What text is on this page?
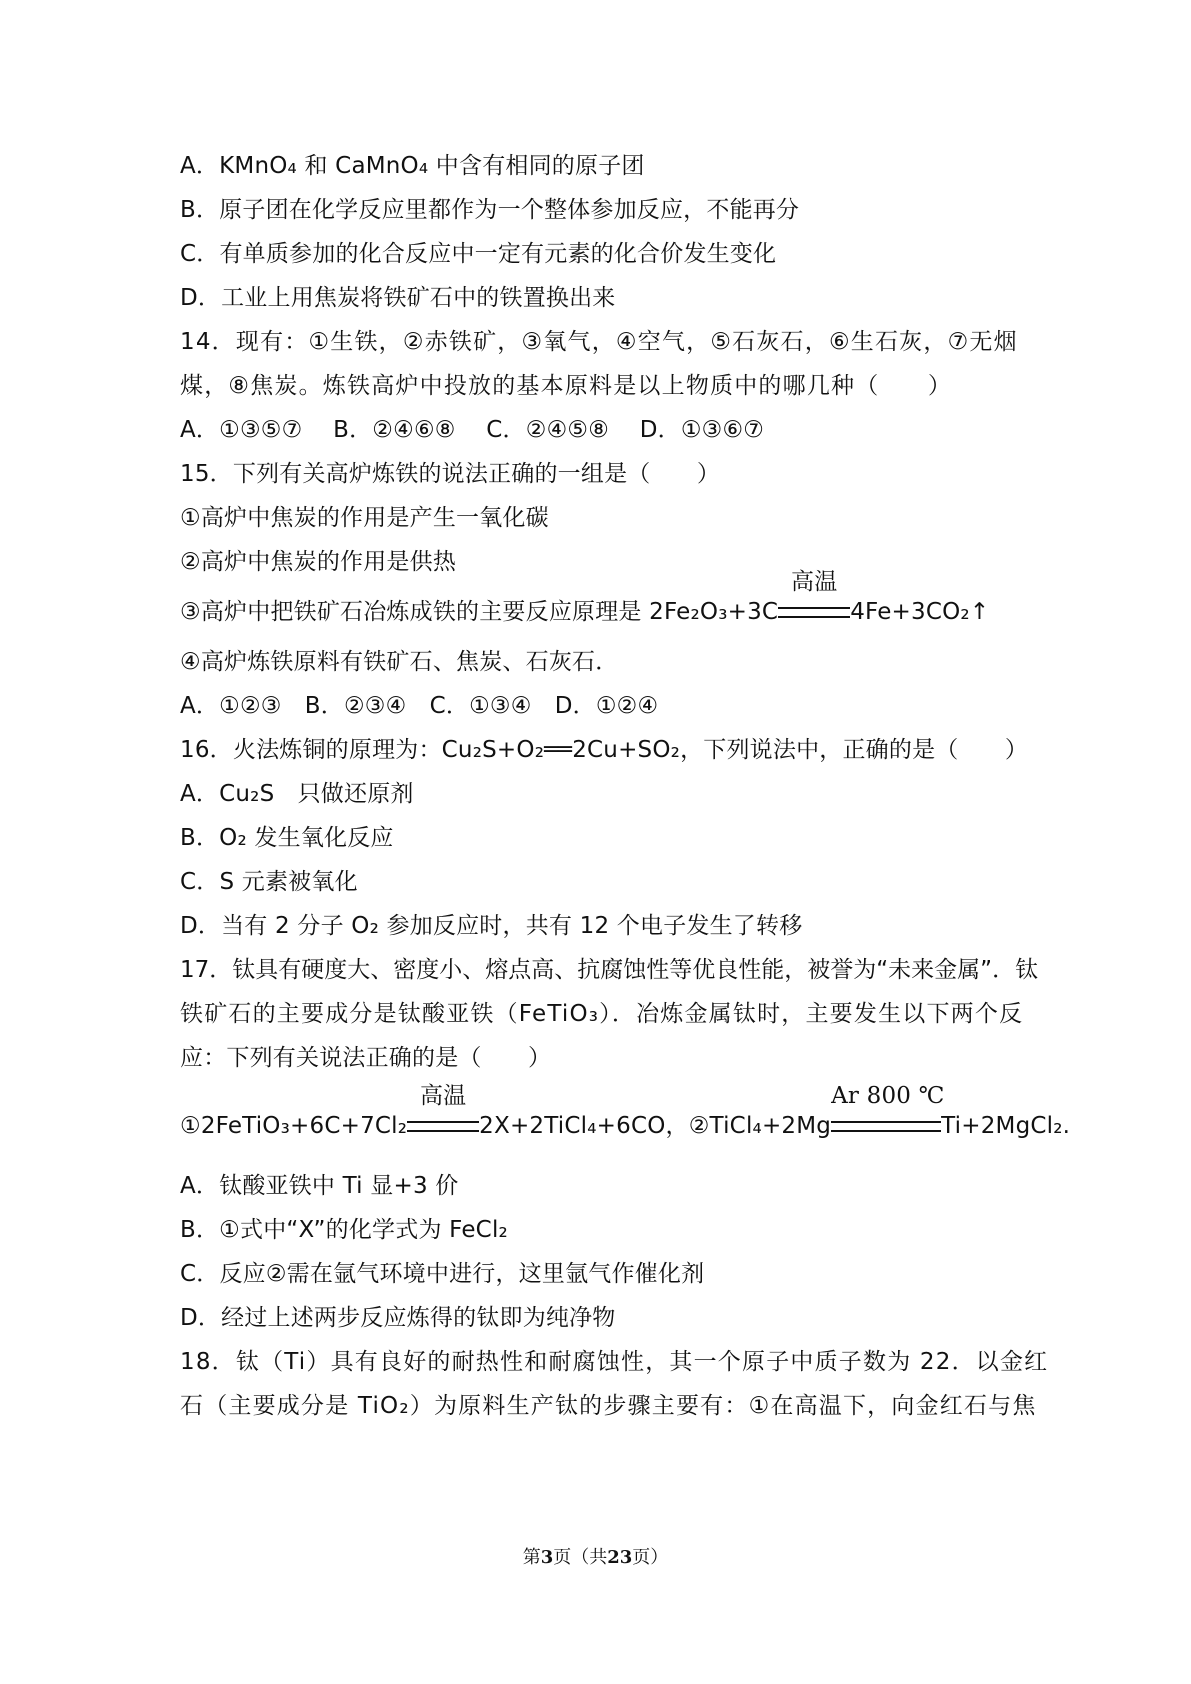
A．KMnO₄ 和 CaMnO₄ 中含有相同的原子团
B．原子团在化学反应里都作为一个整体参加反应，不能再分
C．有单质参加的化合反应中一定有元素的化合价发生变化
D．工业上用焦炭将铁矿石中的铁置换出来
14．现有：①生铁，②赤铁矿，③氧气，④空气，⑤石灰石，⑥生石灰，⑦无烟
煤，⑧焦炭。炼铁高炉中投放的基本原料是以上物质中的哪几种（　　）
A．①③⑤⑦　 B．②④⑥⑧　 C．②④⑤⑧　 D．①③⑥⑦
15．下列有关高炉炼铁的说法正确的一组是（　　）
①高炉中焦炭的作用是产生一氧化碳
②高炉中焦炭的作用是供热
③高炉中把铁矿石冶炼成铁的主要反应原理是 2Fe₂O₃+3C
高温
4Fe+3CO₂↑
④高炉炼铁原料有铁矿石、焦炭、石灰石．
A．①②③　B．②③④　C．①③④　D．①②④
16．火法炼铜的原理为：Cu₂S+O₂══2Cu+SO₂，下列说法中，正确的是（　　）
A．Cu₂S　只做还原剂
B．O₂ 发生氧化反应
C．S 元素被氧化
D．当有 2 分子 O₂ 参加反应时，共有 12 个电子发生了转移
17．钛具有硬度大、密度小、熔点高、抗腐蚀性等优良性能，被誉为“未来金属”．钛
铁矿石的主要成分是钛酸亚铁（FeTiO₃）．冶炼金属钛时，主要发生以下两个反
应：下列有关说法正确的是（　　）
①2FeTiO₃+6C+7Cl₂
高温
2X+2TiCl₄+6CO，②TiCl₄+2Mg
Ar 800 ℃
Ti+2MgCl₂.
A．钛酸亚铁中 Ti 显+3 价
B．①式中“X”的化学式为 FeCl₂
C．反应②需在氩气环境中进行，这里氩气作催化剂
D．经过上述两步反应炼得的钛即为纯净物
18．钛（Ti）具有良好的耐热性和耐腐蚀性，其一个原子中质子数为 22．以金红
石（主要成分是 TiO₂）为原料生产钛的步骤主要有：①在高温下，向金红石与焦
第3页（共23页）
